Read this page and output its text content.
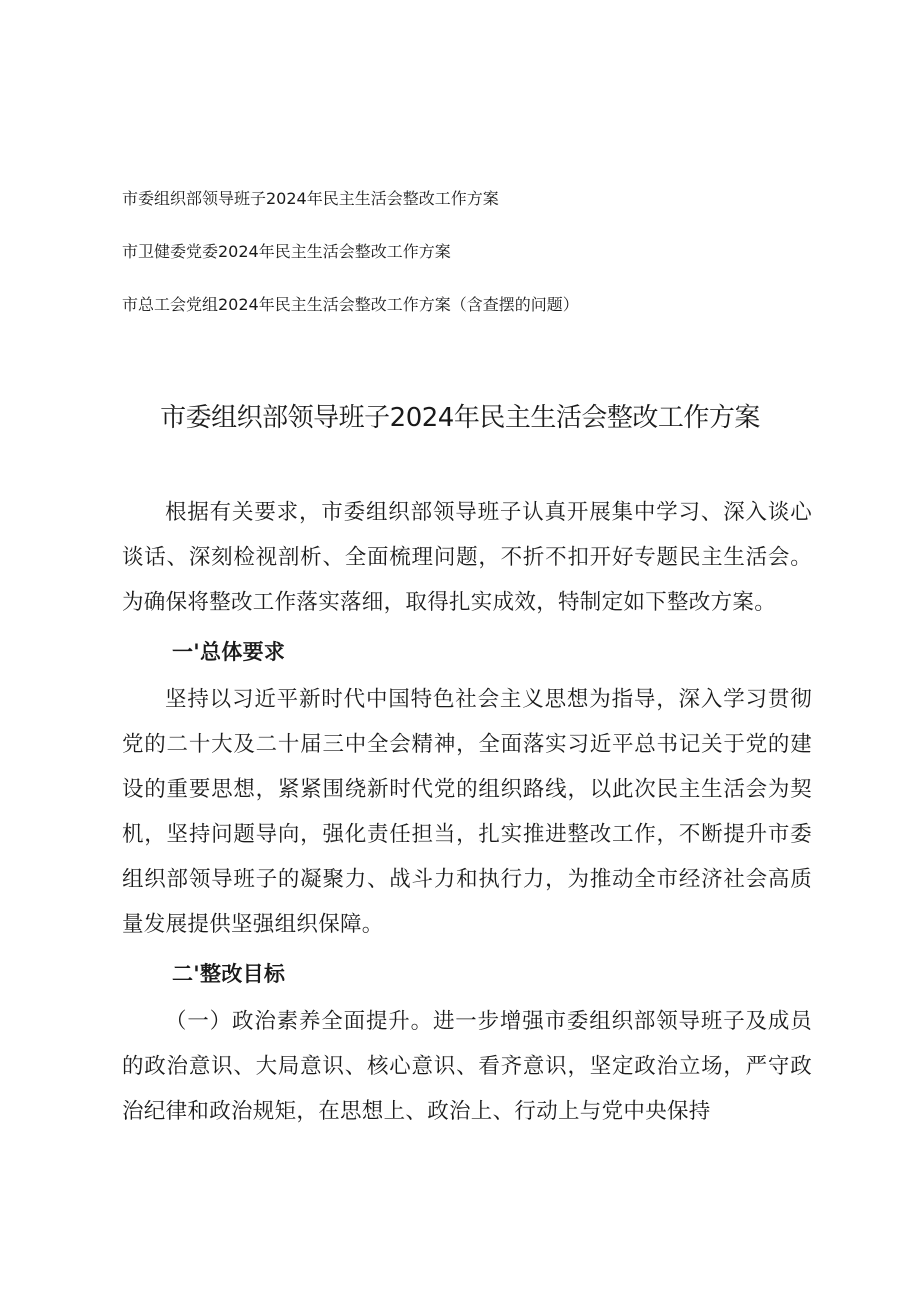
市委组织部领导班子2024年民主生活会整改工作方案
市卫健委党委2024年民主生活会整改工作方案
市总工会党组2024年民主生活会整改工作方案（含查摆的问题）
市委组织部领导班子2024年民主生活会整改工作方案

根据有关要求，市委组织部领导班子认真开展集中学习、深入谈心谈话、深刻检视剖析、全面梳理问题，不折不扣开好专题民主生活会。为确保将整改工作落实落细，取得扎实成效，特制定如下整改方案。

一'总体要求

坚持以习近平新时代中国特色社会主义思想为指导，深入学习贯彻党的二十大及二十届三中全会精神，全面落实习近平总书记关于党的建设的重要思想，紧紧围绕新时代党的组织路线，以此次民主生活会为契机，坚持问题导向，强化责任担当，扎实推进整改工作，不断提升市委组织部领导班子的凝聚力、战斗力和执行力，为推动全市经济社会高质量发展提供坚强组织保障。

二'整改目标

（一）政治素养全面提升。进一步增强市委组织部领导班子及成员的政治意识、大局意识、核心意识、看齐意识，坚定政治立场，严守政治纪律和政治规矩，在思想上、政治上、行动上与党中央保持
